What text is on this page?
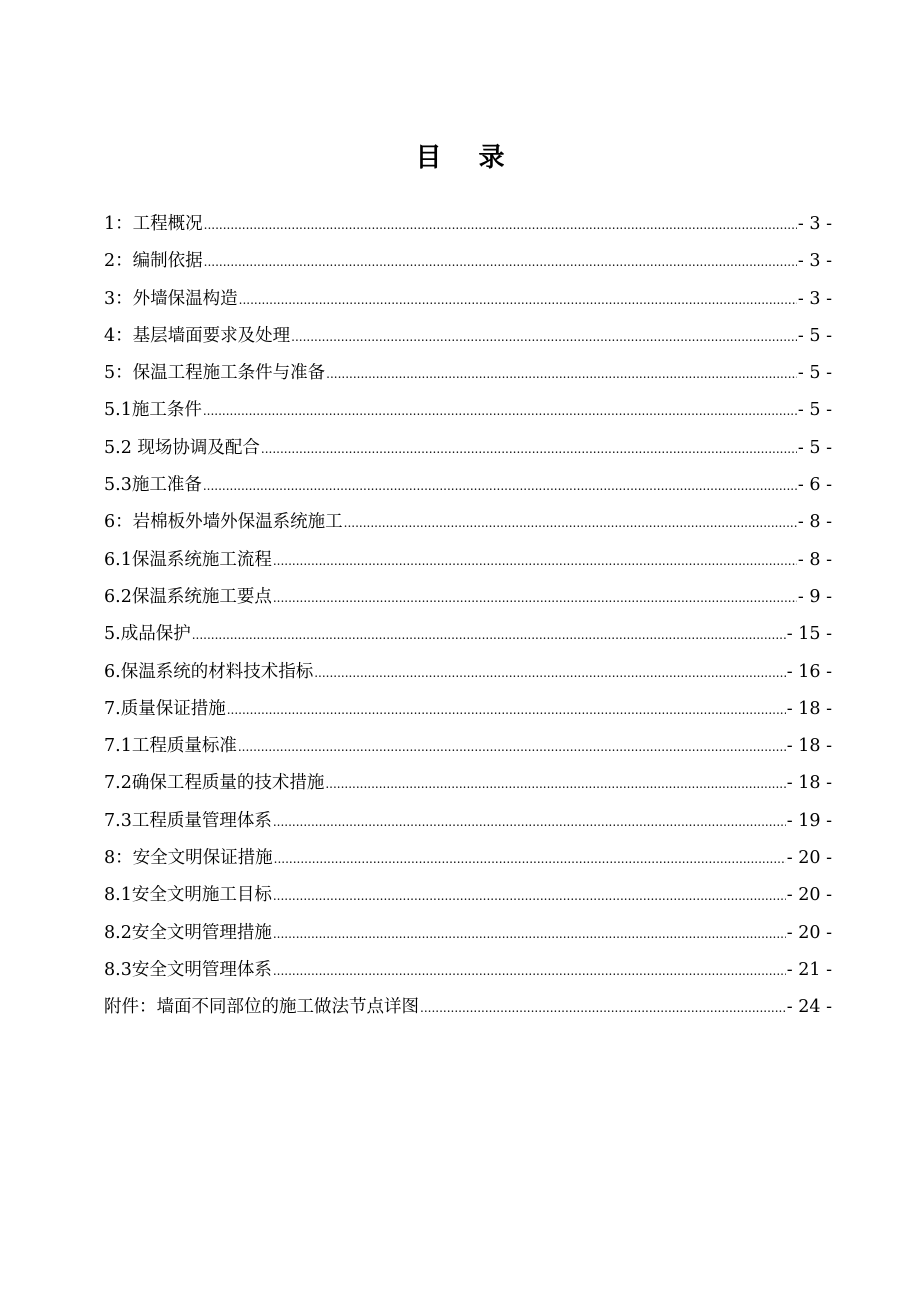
目 录
1：工程概况 .....	- 3 -
2：编制依据 .....	- 3 -
3：外墙保温构造 .....	- 3 -
4：基层墙面要求及处理 .....	- 5 -
5：保温工程施工条件与准备 .....	- 5 -
5.1施工条件 .....	- 5 -
5.2 现场协调及配合 .....	- 5 -
5.3施工准备 .....	- 6 -
6：岩棉板外墙外保温系统施工 .....	- 8 -
6.1保温系统施工流程 .....	- 8 -
6.2保温系统施工要点 .....	- 9 -
5.成品保护 .....	- 15 -
6.保温系统的材料技术指标 .....	- 16 -
7.质量保证措施 .....	- 18 -
7.1工程质量标准 .....	- 18 -
7.2确保工程质量的技术措施 .....	- 18 -
7.3工程质量管理体系 .....	- 19 -
8：安全文明保证措施 .....	- 20 -
8.1安全文明施工目标 .....	- 20 -
8.2安全文明管理措施 .....	- 20 -
8.3安全文明管理体系 .....	- 21 -
附件：墙面不同部位的施工做法节点详图 .....	- 24 -
